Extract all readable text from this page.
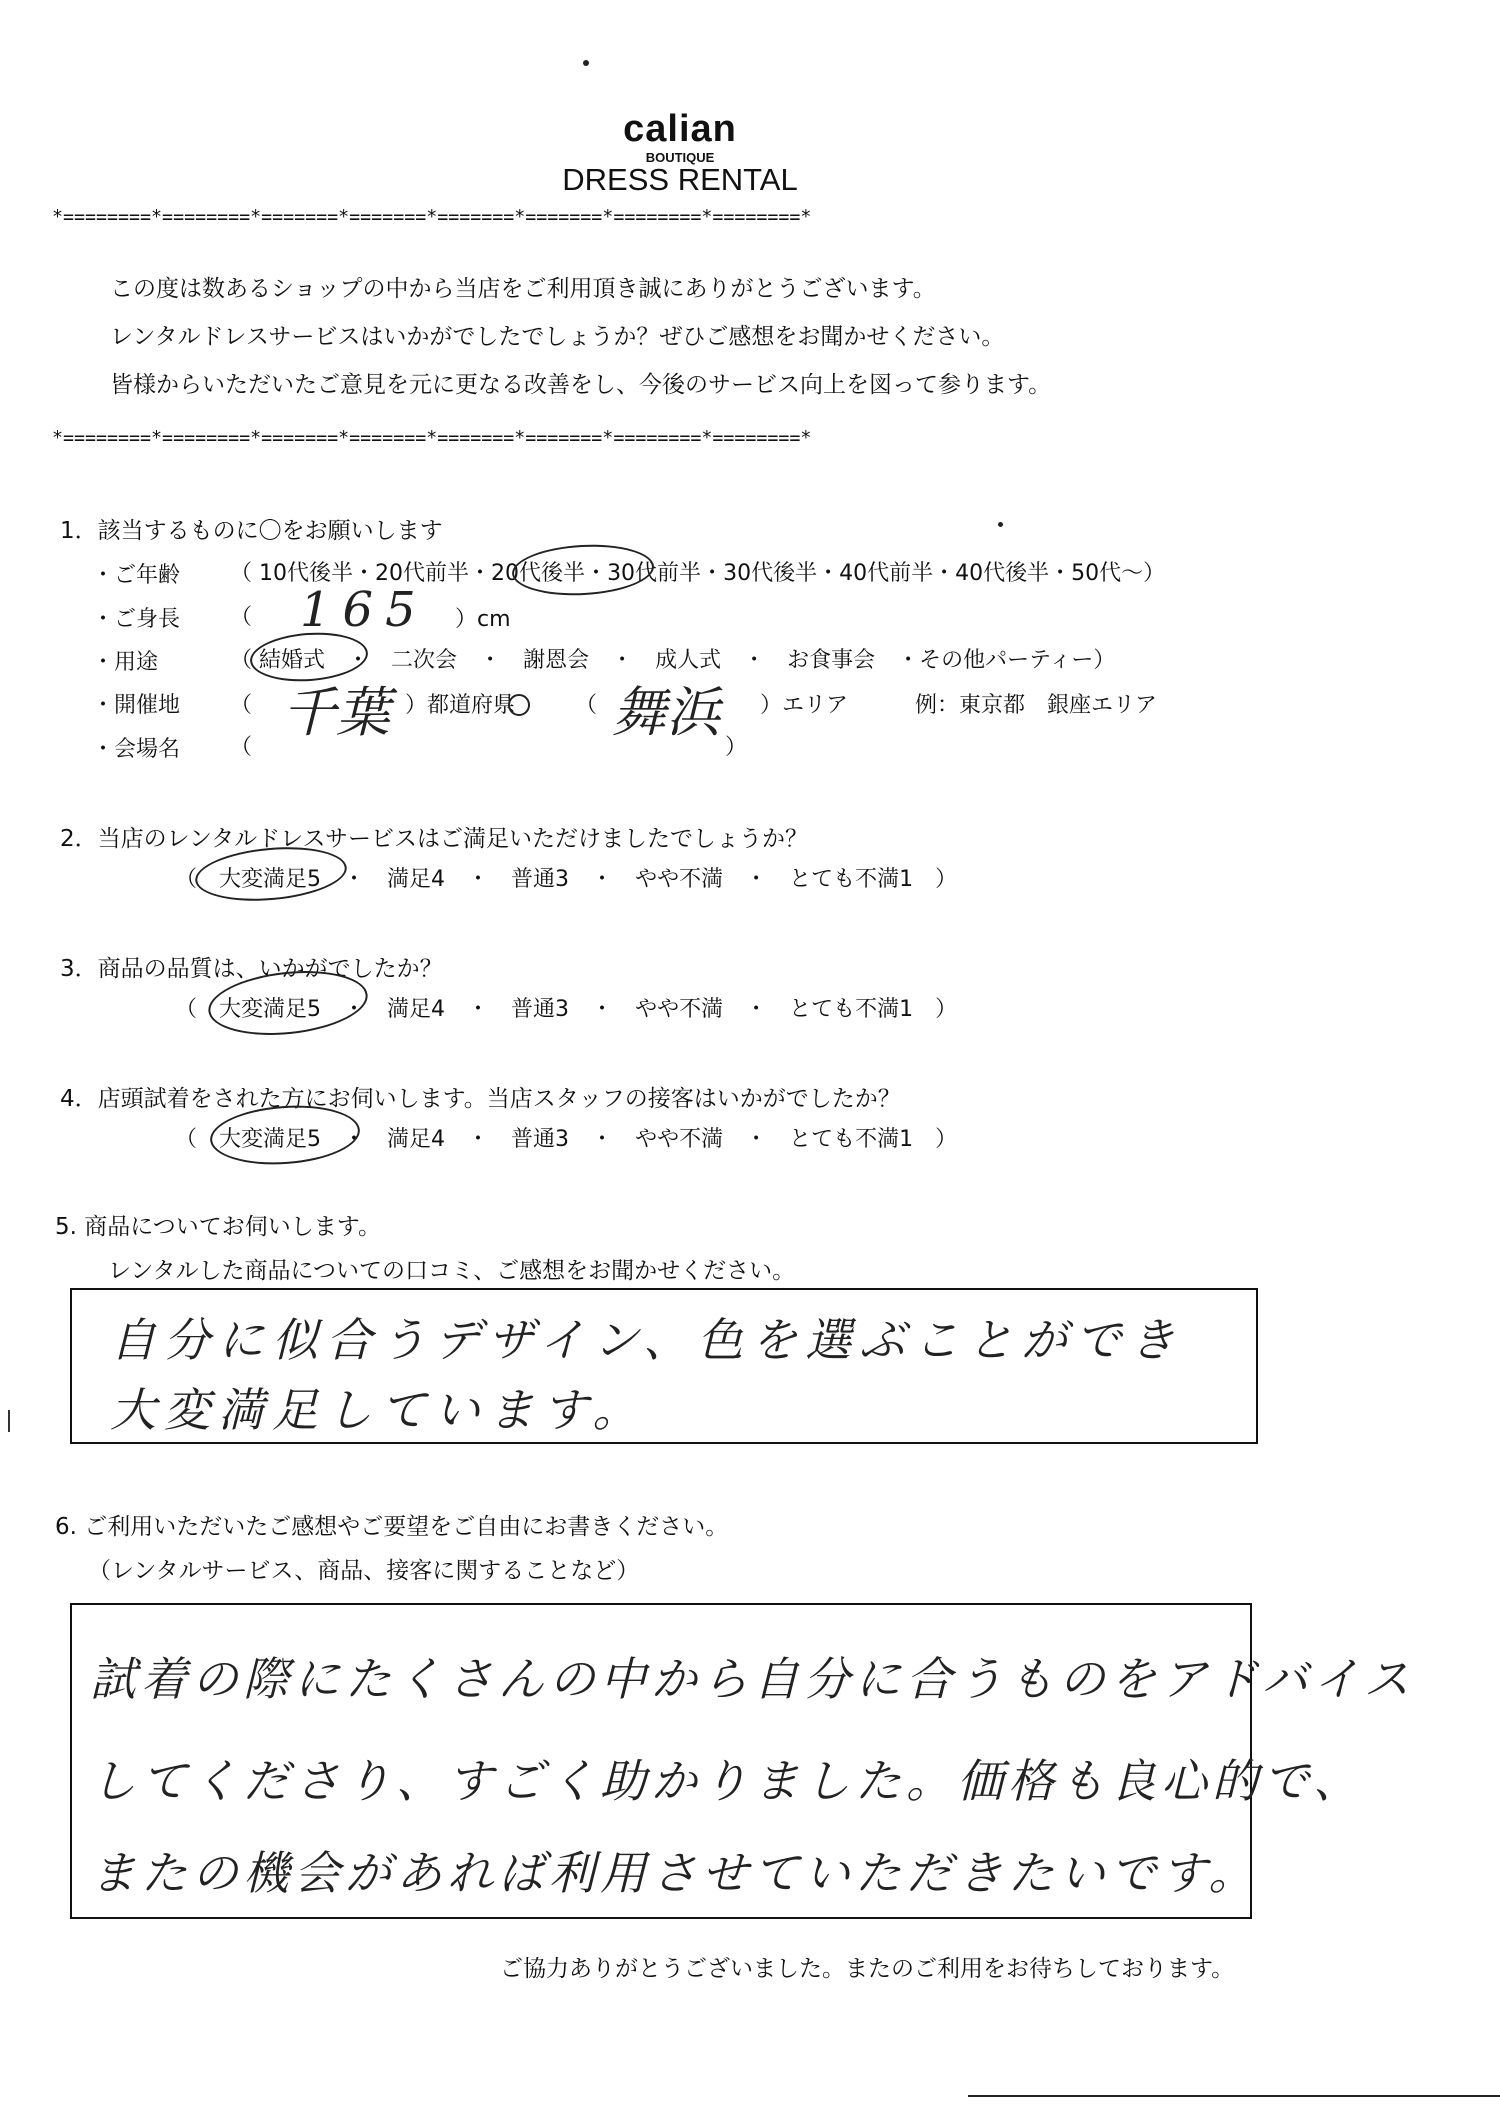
calian
BOUTIQUE
DRESS RENTAL
*========*========*=======*=======*=======*=======*========*========*
この度は数あるショップの中から当店をご利用頂き誠にありがとうございます。
レンタルドレスサービスはいかがでしたでしょうか？ぜひご感想をお聞かせください。
皆様からいただいたご意見を元に更なる改善をし、今後のサービス向上を図って参ります。
*========*========*=======*=======*=======*=======*========*========*
1．該当するものに〇をお願いします
・ご年齢 （ 10代後半・20代前半・20代後半・30代前半・30代後半・40代前半・40代後半・50代～）
・ご身長 （ 165 ）cm
・用途	（ 結婚式　・　二次会　・　謝恩会　・　成人式　・　お食事会　・その他パーティー）
・開催地 （ 千葉 ）都道府県	（ 舞浜 ）エリア	例：東京都　銀座エリア
・会場名 （	）
2．当店のレンタルドレスサービスはご満足いただけましたでしょうか？
（　大変満足5　・　満足4　・　普通3　・　やや不満　・　とても不満1　）
3．商品の品質は、いかがでしたか？
（　大変満足5　・　満足4　・　普通3　・　やや不満　・　とても不満1　）
4．店頭試着をされた方にお伺いします。当店スタッフの接客はいかがでしたか？
（　大変満足5　・　満足4　・　普通3　・　やや不満　・　とても不満1　）
5. 商品についてお伺いします。
レンタルした商品についての口コミ、ご感想をお聞かせください。
自分に似合うデザイン、色を選ぶことができ
大変満足しています。
6. ご利用いただいたご感想やご要望をご自由にお書きください。
（レンタルサービス、商品、接客に関することなど）
試着の際にたくさんの中から自分に合うものをアドバイス
してくださり、すごく助かりました。価格も良心的で、
またの機会があれば利用させていただきたいです。
ご協力ありがとうございました。またのご利用をお待ちしております。
